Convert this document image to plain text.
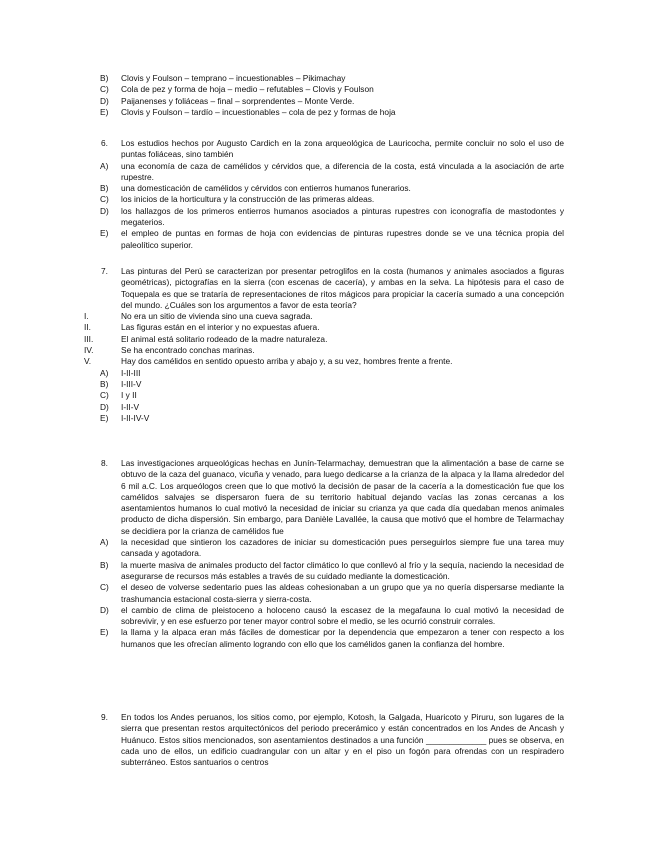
B) Clovis y Foulson – temprano – incuestionables – Pikimachay
C) Cola de pez y forma de hoja – medio – refutables – Clovis y Foulson
D) Paijanenses y foliáceas – final – sorprendentes – Monte Verde.
E) Clovis y Foulson – tardío – incuestionables – cola de pez y formas de hoja
6. Los estudios hechos por Augusto Cardich en la zona arqueológica de Lauricocha, permite concluir no solo el uso de puntas foliáceas, sino también
A) una economía de caza de camélidos y cérvidos que, a diferencia de la costa, está vinculada a la asociación de arte rupestre.
B) una domesticación de camélidos y cérvidos con entierros humanos funerarios.
C) los inicios de la horticultura y la construcción de las primeras aldeas.
D) los hallazgos de los primeros entierros humanos asociados a pinturas rupestres con iconografía de mastodontes y megaterios.
E) el empleo de puntas en formas de hoja con evidencias de pinturas rupestres donde se ve una técnica propia del paleolítico superior.
7. Las pinturas del Perú se caracterizan por presentar petroglifos en la costa (humanos y animales asociados a figuras geométricas), pictografías en la sierra (con escenas de cacería), y ambas en la selva. La hipótesis para el caso de Toquepala es que se trataría de representaciones de ritos mágicos para propiciar la cacería sumado a una concepción del mundo. ¿Cuáles son los argumentos a favor de esta teoría?
I.	No era un sitio de vivienda sino una cueva sagrada.
II.	Las figuras están en el interior y no expuestas afuera.
III.	El animal está solitario rodeado de la madre naturaleza.
IV.	Se ha encontrado conchas marinas.
V.	Hay dos camélidos en sentido opuesto arriba y abajo y, a su vez, hombres frente a frente.
A) I-II-III
B) I-III-V
C) I y II
D) I-II-V
E) I-II-IV-V
8. Las investigaciones arqueológicas hechas en Junín-Telarmachay, demuestran que la alimentación a base de carne se obtuvo de la caza del guanaco, vicuña y venado, para luego dedicarse a la crianza de la alpaca y la llama alrededor del 6 mil a.C. Los arqueólogos creen que lo que motivó la decisión de pasar de la cacería a la domesticación fue que los camélidos salvajes se dispersaron fuera de su territorio habitual dejando vacías las zonas cercanas a los asentamientos humanos lo cual motivó la necesidad de iniciar su crianza ya que cada día quedaban menos animales producto de dicha dispersión. Sin embargo, para Danièle Lavallée, la causa que motivó que el hombre de Telarmachay se decidiera por la crianza de camélidos fue
A) la necesidad que sintieron los cazadores de iniciar su domesticación pues perseguirlos siempre fue una tarea muy cansada y agotadora.
B) la muerte masiva de animales producto del factor climático lo que conllevó al frío y la sequía, naciendo la necesidad de asegurarse de recursos más estables a través de su cuidado mediante la domesticación.
C) el deseo de volverse sedentario pues las aldeas cohesionaban a un grupo que ya no quería dispersarse mediante la trashumancia estacional costa-sierra y sierra-costa.
D) el cambio de clima de pleistoceno a holoceno causó la escasez de la megafauna lo cual motivó la necesidad de sobrevivir, y en ese esfuerzo por tener mayor control sobre el medio, se les ocurrió construir corrales.
E) la llama y la alpaca eran más fáciles de domesticar por la dependencia que empezaron a tener con respecto a los humanos que les ofrecían alimento logrando con ello que los camélidos ganen la confianza del hombre.
9. En todos los Andes peruanos, los sitios como, por ejemplo, Kotosh, la Galgada, Huaricoto y Piruru, son lugares de la sierra que presentan restos arquitectónicos del periodo precerámico y están concentrados en los Andes de Ancash y Huánuco. Estos sitios mencionados, son asentamientos destinados a una función _____________ pues se observa, en cada uno de ellos, un edificio cuadrangular con un altar y en el piso un fogón para ofrendas con un respiradero subterráneo. Estos santuarios o centros
